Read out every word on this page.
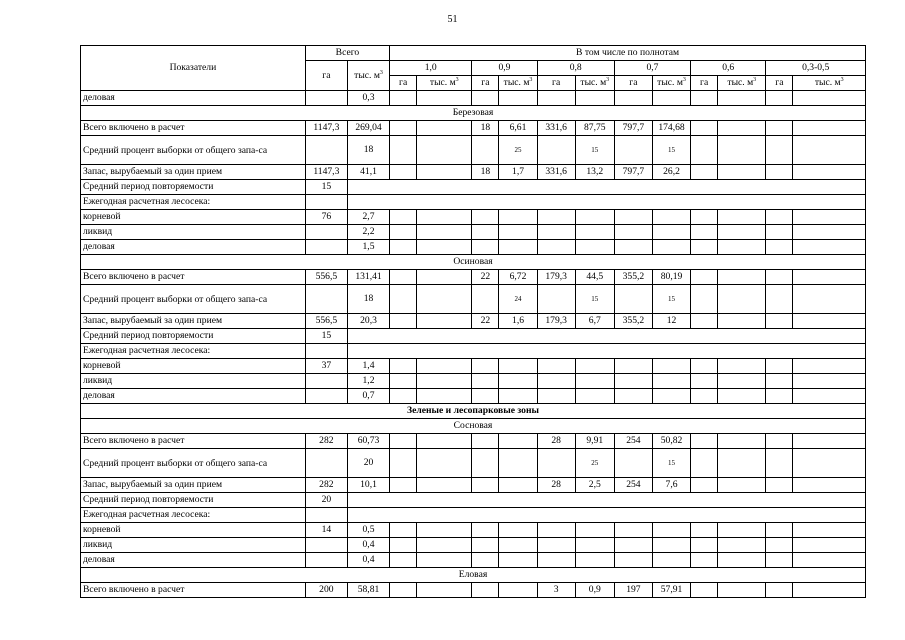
51
Показатели	Всего		В том числе по полнотам											
	га	тыс. $м^3$	1,0		0,9		0,8		0,7		0,6		0,3-0,5	
			га	тыс. $м^3$	га	тыс. $м^3$	га	тыс. $м^3$	га	тыс. $м^3$	га	тыс. $м^3$	га	тыс. $м^3$
деловая		0,3												
Березовая														
Всего включено в расчет	1147,3	269,04			18	6,61	331,6	87,75	797,7	174,68				
Средний процент выборки от общего запа-са		18				25		15		15				
Запас, вырубаемый за один прием	1147,3	41,1			18	1,7	331,6	13,2	797,7	26,2				
Средний период повторяемости	15													
Ежегодная расчетная лесосека:														
корневой	76	2,7												
ликвид		2,2												
деловая		1,5												
Осиновая														
Всего включено в расчет	556,5	131,41			22	6,72	179,3	44,5	355,2	80,19				
Средний процент выборки от общего запа-са		18				24		15		15				
Запас, вырубаемый за один прием	556,5	20,3			22	1,6	179,3	6,7	355,2	12				
Средний период повторяемости	15													
Ежегодная расчетная лесосека:														
корневой	37	1,4												
ликвид		1,2												
деловая		0,7												
Зеленые и лесопарковые зоны														
Сосновая														
Всего включено в расчет	282	60,73					28	9,91	254	50,82				
Средний процент выборки от общего запа-са		20						25		15				
Запас, вырубаемый за один прием	282	10,1					28	2,5	254	7,6				
Средний период повторяемости	20													
Ежегодная расчетная лесосека:														
корневой	14	0,5												
ликвид		0,4												
деловая		0,4												
Еловая														
Всего включено в расчет	200	58,81					3	0,9	197	57,91				
